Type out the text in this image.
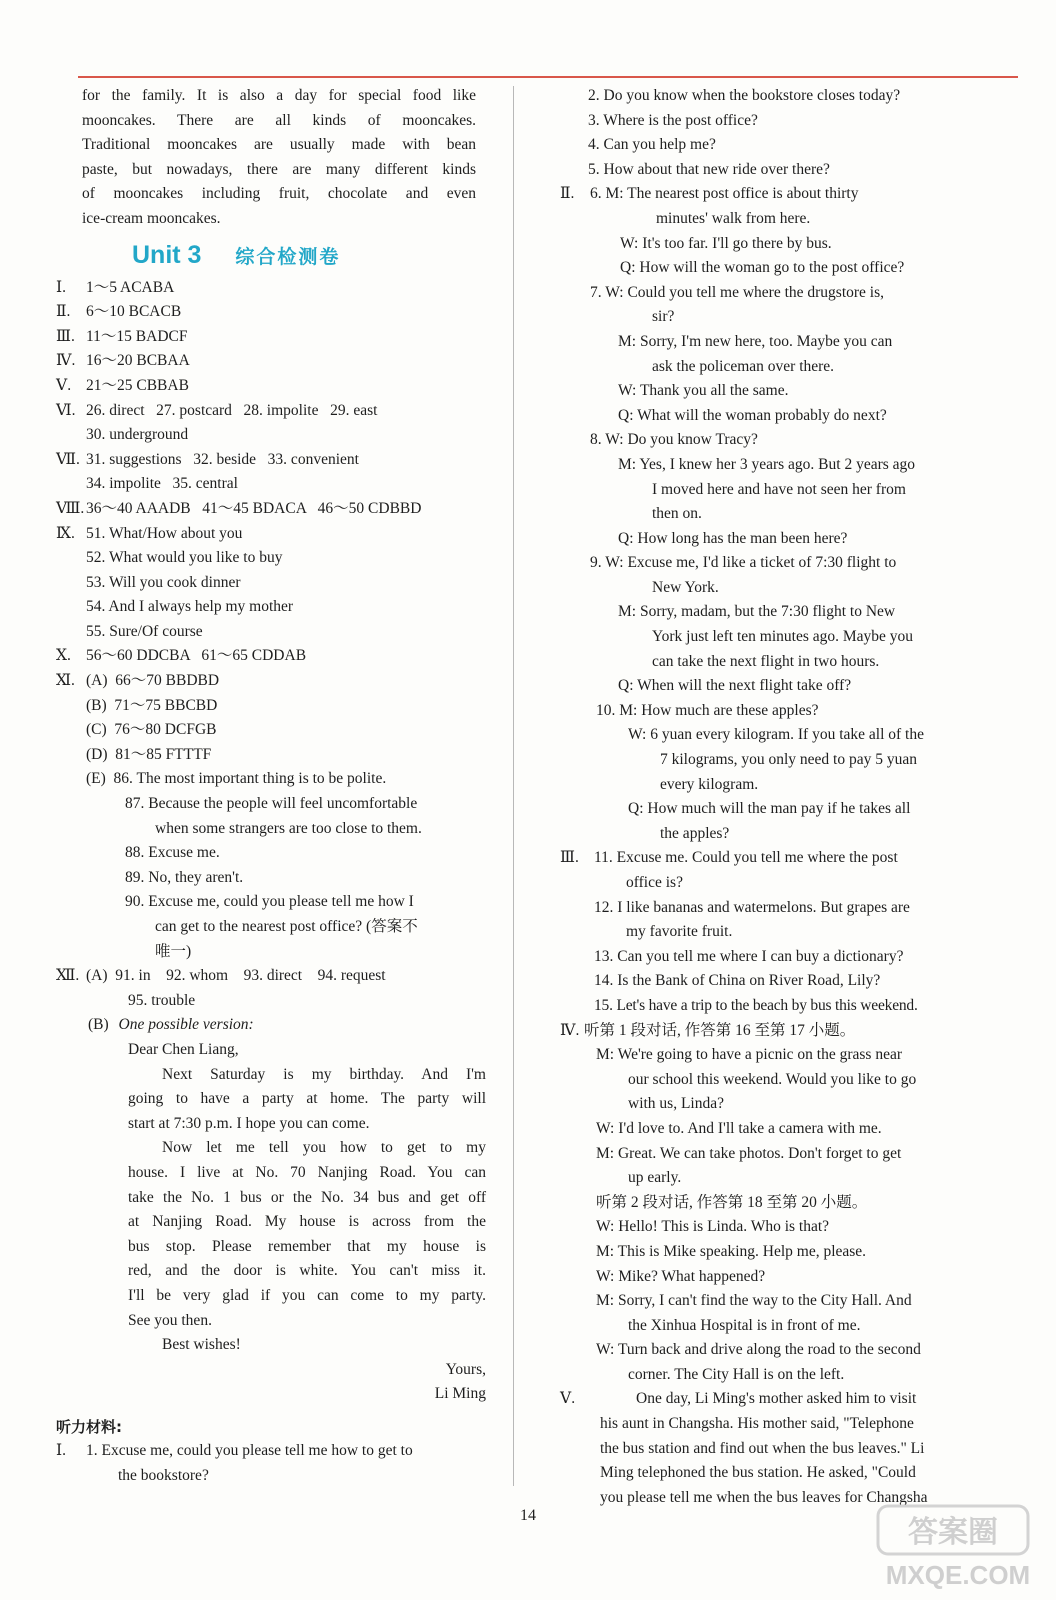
for the family. It is also a day for special food like
mooncakes. There are all kinds of mooncakes.
Traditional mooncakes are usually made with bean
paste, but nowadays, there are many different kinds
of mooncakes including fruit, chocolate and even
ice-cream mooncakes.
Unit 3 综合检测卷
Ⅰ. 1～5 ACABA
Ⅱ. 6～10 BCACB
Ⅲ. 11～15 BADCF
Ⅳ. 16～20 BCBAA
Ⅴ. 21～25 CBBAB
Ⅵ. 26. direct   27. postcard   28. impolite   29. east
30. underground
Ⅶ. 31. suggestions   32. beside   33. convenient
34. impolite   35. central
Ⅷ. 36～40 AAADB   41～45 BDACA   46～50 CDBBD
Ⅸ. 51. What/How about you
52. What would you like to buy
53. Will you cook dinner
54. And I always help my mother
55. Sure/Of course
Ⅹ. 56～60 DDCBA   61～65 CDDAB
Ⅺ. (A)  66～70 BBDBD
(B)  71～75 BBCBD
(C)  76～80 DCFGB
(D)  81～85 FTTTF
(E)  86. The most important thing is to be polite.
87. Because the people will feel uncomfortable
when some strangers are too close to them.
88. Excuse me.
89. No, they aren't.
90. Excuse me, could you please tell me how I
can get to the nearest post office? (答案不
唯一)
Ⅻ. (A)  91. in    92. whom    93. direct    94. request
95. trouble
(B) One possible version:
Dear Chen Liang,
Next Saturday is my birthday. And I'm
going to have a party at home. The party will
start at 7:30 p.m. I hope you can come.
Now let me tell you how to get to my
house. I live at No. 70 Nanjing Road. You can
take the No. 1 bus or the No. 34 bus and get off
at Nanjing Road. My house is across from the
bus stop. Please remember that my house is
red, and the door is white. You can't miss it.
I'll be very glad if you can come to my party.
See you then.
Best wishes!
Yours,
Li Ming
听力材料:
Ⅰ. 1. Excuse me, could you please tell me how to get to
the bookstore?
2. Do you know when the bookstore closes today?
3. Where is the post office?
4. Can you help me?
5. How about that new ride over there?
Ⅱ. 6. M: The nearest post office is about thirty
minutes' walk from here.
W: It's too far. I'll go there by bus.
Q: How will the woman go to the post office?
7. W: Could you tell me where the drugstore is,
sir?
M: Sorry, I'm new here, too. Maybe you can
ask the policeman over there.
W: Thank you all the same.
Q: What will the woman probably do next?
8. W: Do you know Tracy?
M: Yes, I knew her 3 years ago. But 2 years ago
I moved here and have not seen her from
then on.
Q: How long has the man been here?
9. W: Excuse me, I'd like a ticket of 7:30 flight to
New York.
M: Sorry, madam, but the 7:30 flight to New
York just left ten minutes ago. Maybe you
can take the next flight in two hours.
Q: When will the next flight take off?
10. M: How much are these apples?
W: 6 yuan every kilogram. If you take all of the
7 kilograms, you only need to pay 5 yuan
every kilogram.
Q: How much will the man pay if he takes all
the apples?
Ⅲ. 11. Excuse me. Could you tell me where the post
office is?
12. I like bananas and watermelons. But grapes are
my favorite fruit.
13. Can you tell me where I can buy a dictionary?
14. Is the Bank of China on River Road, Lily?
15. Let's have a trip to the beach by bus this weekend.
Ⅳ. 听第 1 段对话, 作答第 16 至第 17 小题。
M: We're going to have a picnic on the grass near
our school this weekend. Would you like to go
with us, Linda?
W: I'd love to. And I'll take a camera with me.
M: Great. We can take photos. Don't forget to get
up early.
听第 2 段对话, 作答第 18 至第 20 小题。
W: Hello! This is Linda. Who is that?
M: This is Mike speaking. Help me, please.
W: Mike? What happened?
M: Sorry, I can't find the way to the City Hall. And
the Xinhua Hospital is in front of me.
W: Turn back and drive along the road to the second
corner. The City Hall is on the left.
Ⅴ.	One day, Li Ming's mother asked him to visit
his aunt in Changsha. His mother said, "Telephone
the bus station and find out when the bus leaves." Li
Ming telephoned the bus station. He asked, "Could
you please tell me when the bus leaves for Changsha
14	答案圈
MXQE.COM
